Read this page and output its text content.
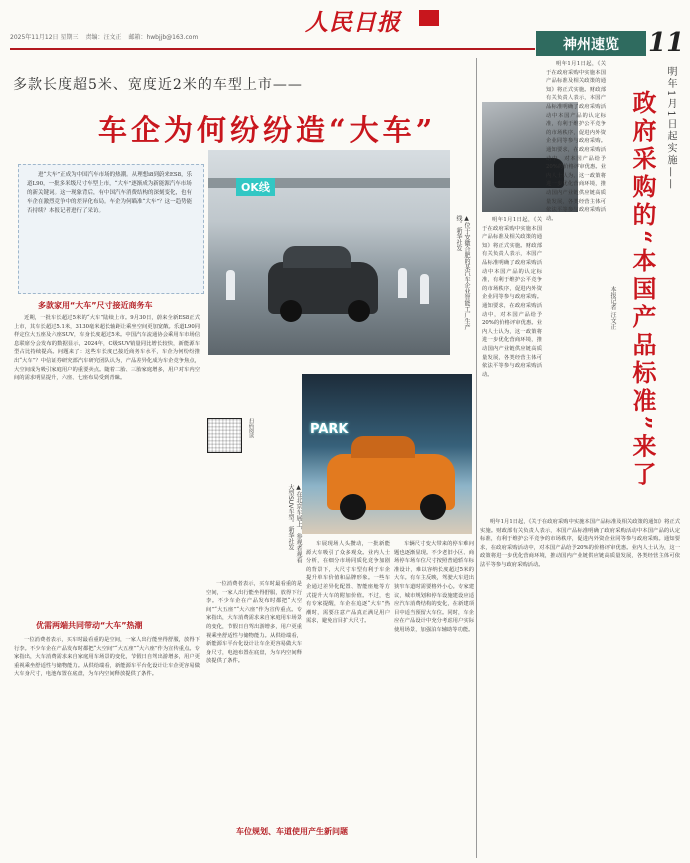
2025年11月12日 星期三 责编：汪文正 邮箱：hwbjjb@163.com
人民日报
神州速览	11
多款长度超5米、宽度近2米的车型上市——
车企为何纷纷造“大车”
进“大车”正成为中国汽车市场的热潮。从理想i8到蔚来ES8，乐道L90，一批多米级尺寸车型上市，“大车”逐渐成为新能源汽车市场的新关键词。这一现象背后，有中国汽车消费结构的深刻变化，也有车企在激烈竞争中的差异化布局。车企为何瞄准“大车”？这一趋势能否持续？本报记者进行了采访。
OK线
▲位于安徽合肥的某汽车企业智能工厂生产线。新华社发
多款家用“大车”尺寸接近商务车

近期，一批车长超过5米的“大车”陆续上市。9月30日，蔚来全新ES8正式上市，其车长超过5.1米，3130毫米超长轴距让乘坐空间更加宽敞。乐道L90同样定位大五座及六座SUV，车身长度超过5米。中国汽车流通协会乘用车市场信息联席分会发布的数据显示，2024年，C级SUV销量同比增长较快，新能源车型占比持续提高。问题来了：这些车长度已接近商务车水平，车企为何纷纷推出“大车”？中信证券研究部汽车研究团队认为，产品差异化成为车企竞争焦点，大空间成为吸引家庭用户的重要卖点。随着二胎、三胎家庭增多，用户对车内空间的需求明显提升，六座、七座布局受到青睐。

优需两端共同带动“大车”热潮

一位消费者表示，买车时最看重的是空间，一家人出行能坐得舒服，放得下行李。不少车企在产品发布时都把“大空间”“大五座”“大六座”作为宣传重点。专家指出，大车消费需求来自家庭用车场景的变化，节假日自驾出游增多，用户更重视乘坐舒适性与储物能力。从供给端看，新能源车平台化设计让车企更容易做大车身尺寸，电池布置在底盘，为车内空间释放提供了条件。

扫码阅读	PARK
▲在北京车展上，参观者观看大型SUV车型。新华社发

一位消费者表示，买车时最看重的是空间，一家人出行能坐得舒服，放得下行李。不少车企在产品发布时都把“大空间”“大五座”“大六座”作为宣传重点。专家指出，大车消费需求来自家庭用车场景的变化，节假日自驾出游增多，用户更重视乘坐舒适性与储物能力。从供给端看，新能源车平台化设计让车企更容易做大车身尺寸，电池布置在底盘，为车内空间释放提供了条件。

车展现场人头攒动，一批新能源大车吸引了众多观众。业内人士分析，在细分市场同质化竞争加剧的背景下，大尺寸车型有利于车企提升单车价值和品牌形象。一些车企通过差异化配置、智能座舱等方式提升大车的附加价值。不过，也有专家提醒，车企在追逐“大车”热潮时，需要注意产品真正满足用户需求，避免盲目扩大尺寸。

车位规划、车道使用产生新问题

车辆尺寸变大带来的停车难问题也逐渐显现。不少老旧小区、商场停车场车位尺寸按照普通轿车标准设计，难以容纳长度超过5米的大车。有车主反映，驾驶大车进出狭窄车道时需要格外小心。专家建议，城市规划和停车设施建设应适应汽车消费结构的变化，在新建项目中适当预留大车位。同时，车企应在产品设计中充分考虑用户实际使用场景，加强泊车辅助等功能。

明年1月1日起，《关于在政府采购中实施本国产品标准及相关政策的通知》将正式实施。财政部有关负责人表示，本国产品标准明确了政府采购活动中本国产品的认定标准，有利于维护公平竞争的市场秩序，促进内外资企业同等参与政府采购。通知要求，在政府采购活动中，对本国产品给予20%的价格评审优惠。业内人士认为，这一政策将进一步优化营商环境，推动国内产业链供应链高质量发展，各类经营主体可依法平等参与政府采购活动。

明年1月1日起，《关于在政府采购中实施本国产品标准及相关政策的通知》将正式实施。财政部有关负责人表示，本国产品标准明确了政府采购活动中本国产品的认定标准，有利于维护公平竞争的市场秩序，促进内外资企业同等参与政府采购。通知要求，在政府采购活动中，对本国产品给予20%的价格评审优惠。业内人士认为，这一政策将进一步优化营商环境，推动国内产业链供应链高质量发展，各类经营主体可依法平等参与政府采购活动。

明年1月1日起实施——
政府采购的“本国产品标准”来了
本报记者 汪文正

明年1月1日起，《关于在政府采购中实施本国产品标准及相关政策的通知》将正式实施。财政部有关负责人表示，本国产品标准明确了政府采购活动中本国产品的认定标准，有利于维护公平竞争的市场秩序，促进内外资企业同等参与政府采购。通知要求，在政府采购活动中，对本国产品给予20%的价格评审优惠。业内人士认为，这一政策将进一步优化营商环境，推动国内产业链供应链高质量发展，各类经营主体可依法平等参与政府采购活动。
